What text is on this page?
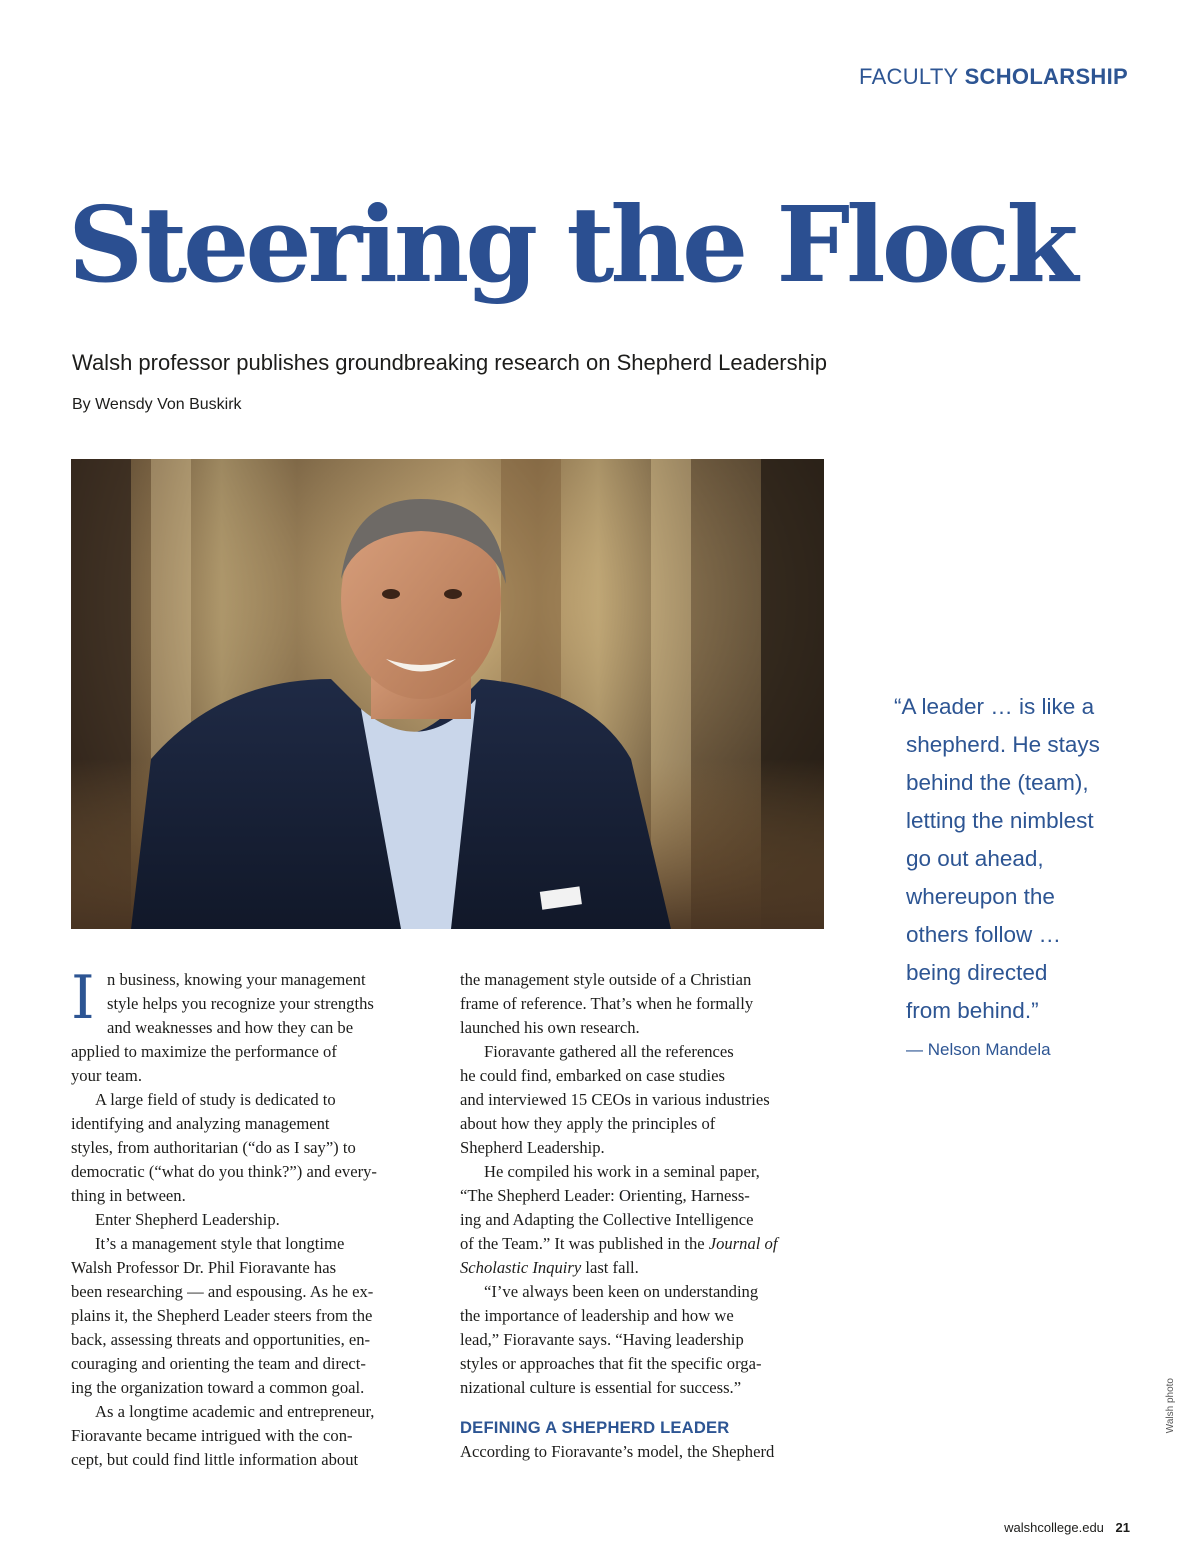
FACULTY SCHOLARSHIP
Steering the Flock
Walsh professor publishes groundbreaking research on Shepherd Leadership
By Wensdy Von Buskirk
“A leader … is like a
shepherd. He stays
behind the (team),
letting the nimblest
go out ahead,
whereupon the
others follow …
being directed
from behind.”
— Nelson Mandela
I n business, knowing your management
style helps you recognize your strengths
and weaknesses and how they can be
applied to maximize the performance of
your team.
A large field of study is dedicated to
identifying and analyzing management
styles, from authoritarian (“do as I say”) to
democratic (“what do you think?”) and every-
thing in between.
Enter Shepherd Leadership.
It’s a management style that longtime
Walsh Professor Dr. Phil Fioravante has
been researching — and espousing. As he ex-
plains it, the Shepherd Leader steers from the
back, assessing threats and opportunities, en-
couraging and orienting the team and direct-
ing the organization toward a common goal.
As a longtime academic and entrepreneur,
Fioravante became intrigued with the con-
cept, but could find little information about
the management style outside of a Christian
frame of reference. That’s when he formally
launched his own research.
Fioravante gathered all the references
he could find, embarked on case studies
and interviewed 15 CEOs in various industries
about how they apply the principles of
Shepherd Leadership.
He compiled his work in a seminal paper,
“The Shepherd Leader: Orienting, Harness-
ing and Adapting the Collective Intelligence
of the Team.” It was published in the Journal of
Scholastic Inquiry last fall.
“I’ve always been keen on understanding
the importance of leadership and how we
lead,” Fioravante says. “Having leadership
styles or approaches that fit the specific orga-
nizational culture is essential for success.”
DEFINING A SHEPHERD LEADER
According to Fioravante’s model, the Shepherd
Walsh photo
walshcollege.edu 21
